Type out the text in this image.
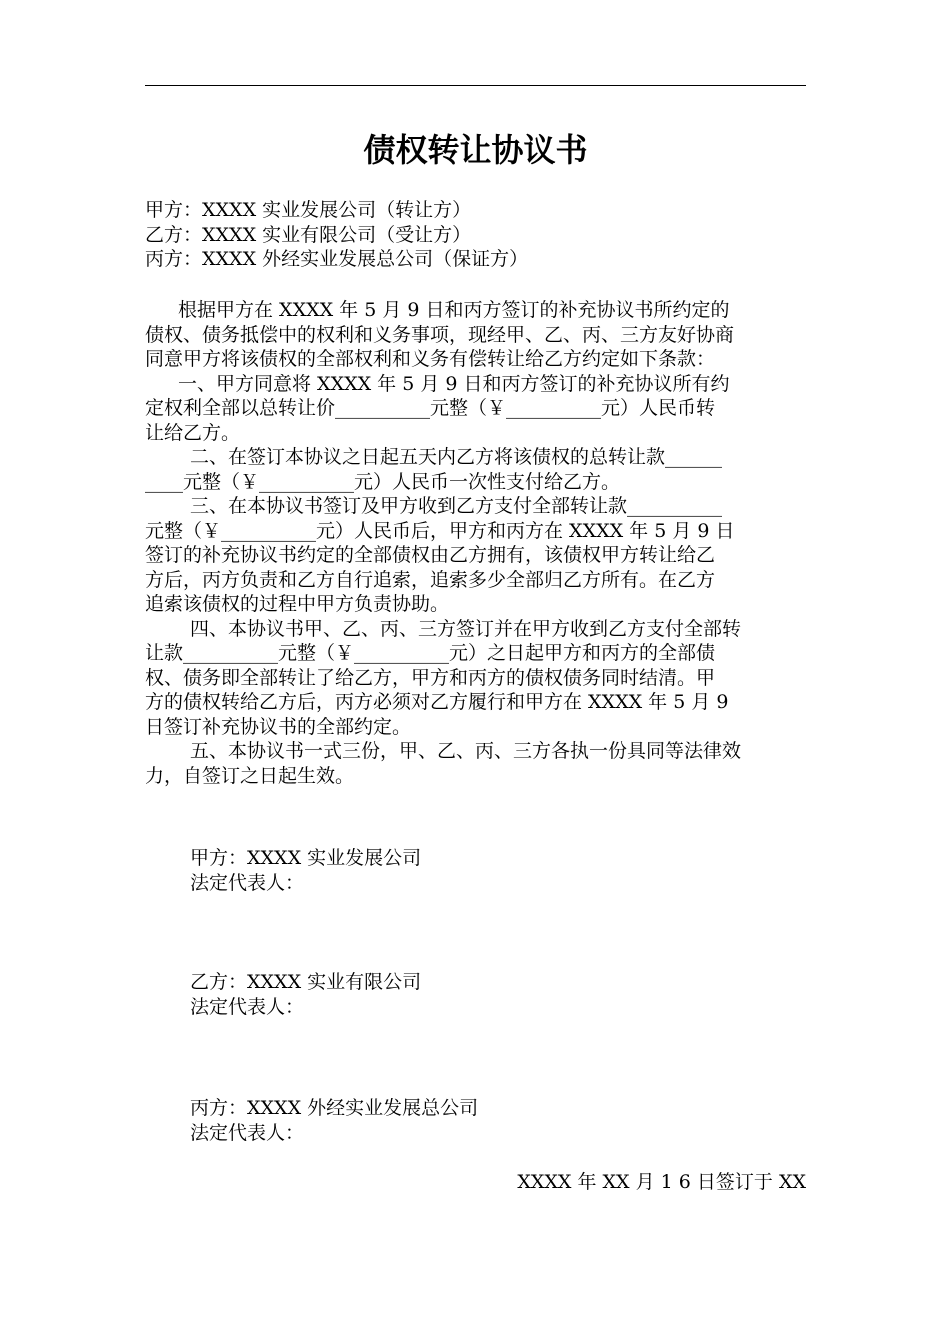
债权转让协议书
甲方：XXXX 实业发展公司（转让方）
乙方：XXXX 实业有限公司（受让方）
丙方：XXXX 外经实业发展总公司（保证方）
根据甲方在 XXXX 年 5 月 9 日和丙方签订的补充协议书所约定的
债权、债务抵偿中的权利和义务事项，现经甲、乙、丙、三方友好协商
同意甲方将该债权的全部权利和义务有偿转让给乙方约定如下条款：
一、甲方同意将 XXXX 年 5 月 9 日和丙方签订的补充协议所有约
定权利全部以总转让价__________元整（￥__________元）人民币转
让给乙方。
二、在签订本协议之日起五天内乙方将该债权的总转让款______
____元整（￥__________元）人民币一次性支付给乙方。
三、在本协议书签订及甲方收到乙方支付全部转让款__________
元整（￥__________元）人民币后，甲方和丙方在 XXXX 年 5 月 9 日
签订的补充协议书约定的全部债权由乙方拥有，该债权甲方转让给乙
方后，丙方负责和乙方自行追索，追索多少全部归乙方所有。在乙方
追索该债权的过程中甲方负责协助。
四、本协议书甲、乙、丙、三方签订并在甲方收到乙方支付全部转
让款__________元整（￥__________元）之日起甲方和丙方的全部债
权、债务即全部转让了给乙方，甲方和丙方的债权债务同时结清。甲
方的债权转给乙方后，丙方必须对乙方履行和甲方在 XXXX 年 5 月 9
日签订补充协议书的全部约定。
五、本协议书一式三份，甲、乙、丙、三方各执一份具同等法律效
力，自签订之日起生效。
甲方：XXXX 实业发展公司
法定代表人：
乙方：XXXX 实业有限公司
法定代表人：
丙方：XXXX 外经实业发展总公司
法定代表人：
XXXX 年 XX 月 1 6 日签订于 XX
